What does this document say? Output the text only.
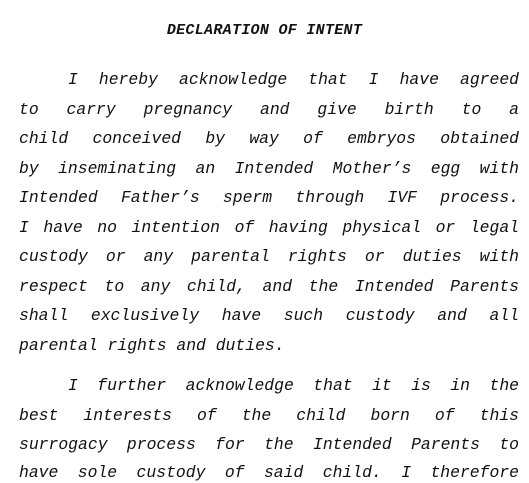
DECLARATION OF INTENT
I hereby acknowledge that I have agreed
to carry pregnancy and give birth to a
child conceived by way of embryos obtained
by inseminating an Intended Mother’s egg with
Intended Father’s sperm through IVF process.
I have no intention of having physical or legal
custody or any parental rights or duties with
respect to any child, and the Intended Parents
shall exclusively have such custody and all
parental rights and duties.
I further acknowledge that it is in the
best interests of the child born of this
surrogacy process for the Intended Parents to
have sole custody of said child. I therefore
